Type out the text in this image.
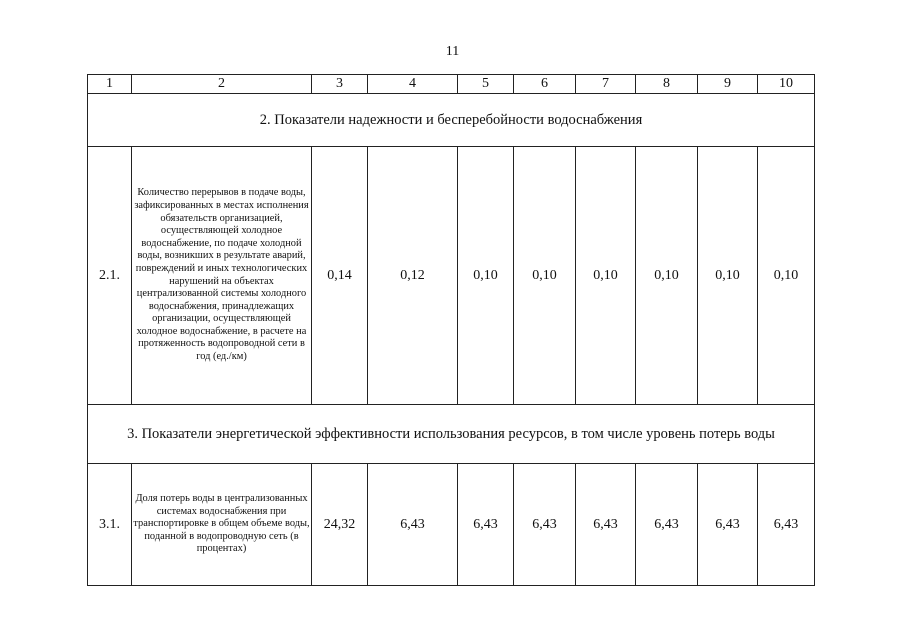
11
1	2	3	4	5	6	7	8	9	10
2. Показатели надежности и бесперебойности водоснабжения									
2.1.	Количество перерывов в подаче воды, зафиксированных в местах исполнения обязательств организацией, осуществляющей холодное водоснабжение, по подаче холодной воды, возникших в результате аварий, повреждений и иных технологических нарушений на объектах централизованной системы холодного водоснабжения, принадлежащих организации, осуществляющей холодное водоснабжение, в расчете на протяженность водопроводной сети в год (ед./км)	0,14	0,12	0,10	0,10	0,10	0,10	0,10	0,10
3. Показатели энергетической эффективности использования ресурсов, в том числе уровень потерь воды									
3.1.	Доля потерь воды в централизованных системах водоснабжения при транспортировке в общем объеме воды, поданной в водопроводную сеть (в процентах)	24,32	6,43	6,43	6,43	6,43	6,43	6,43	6,43
